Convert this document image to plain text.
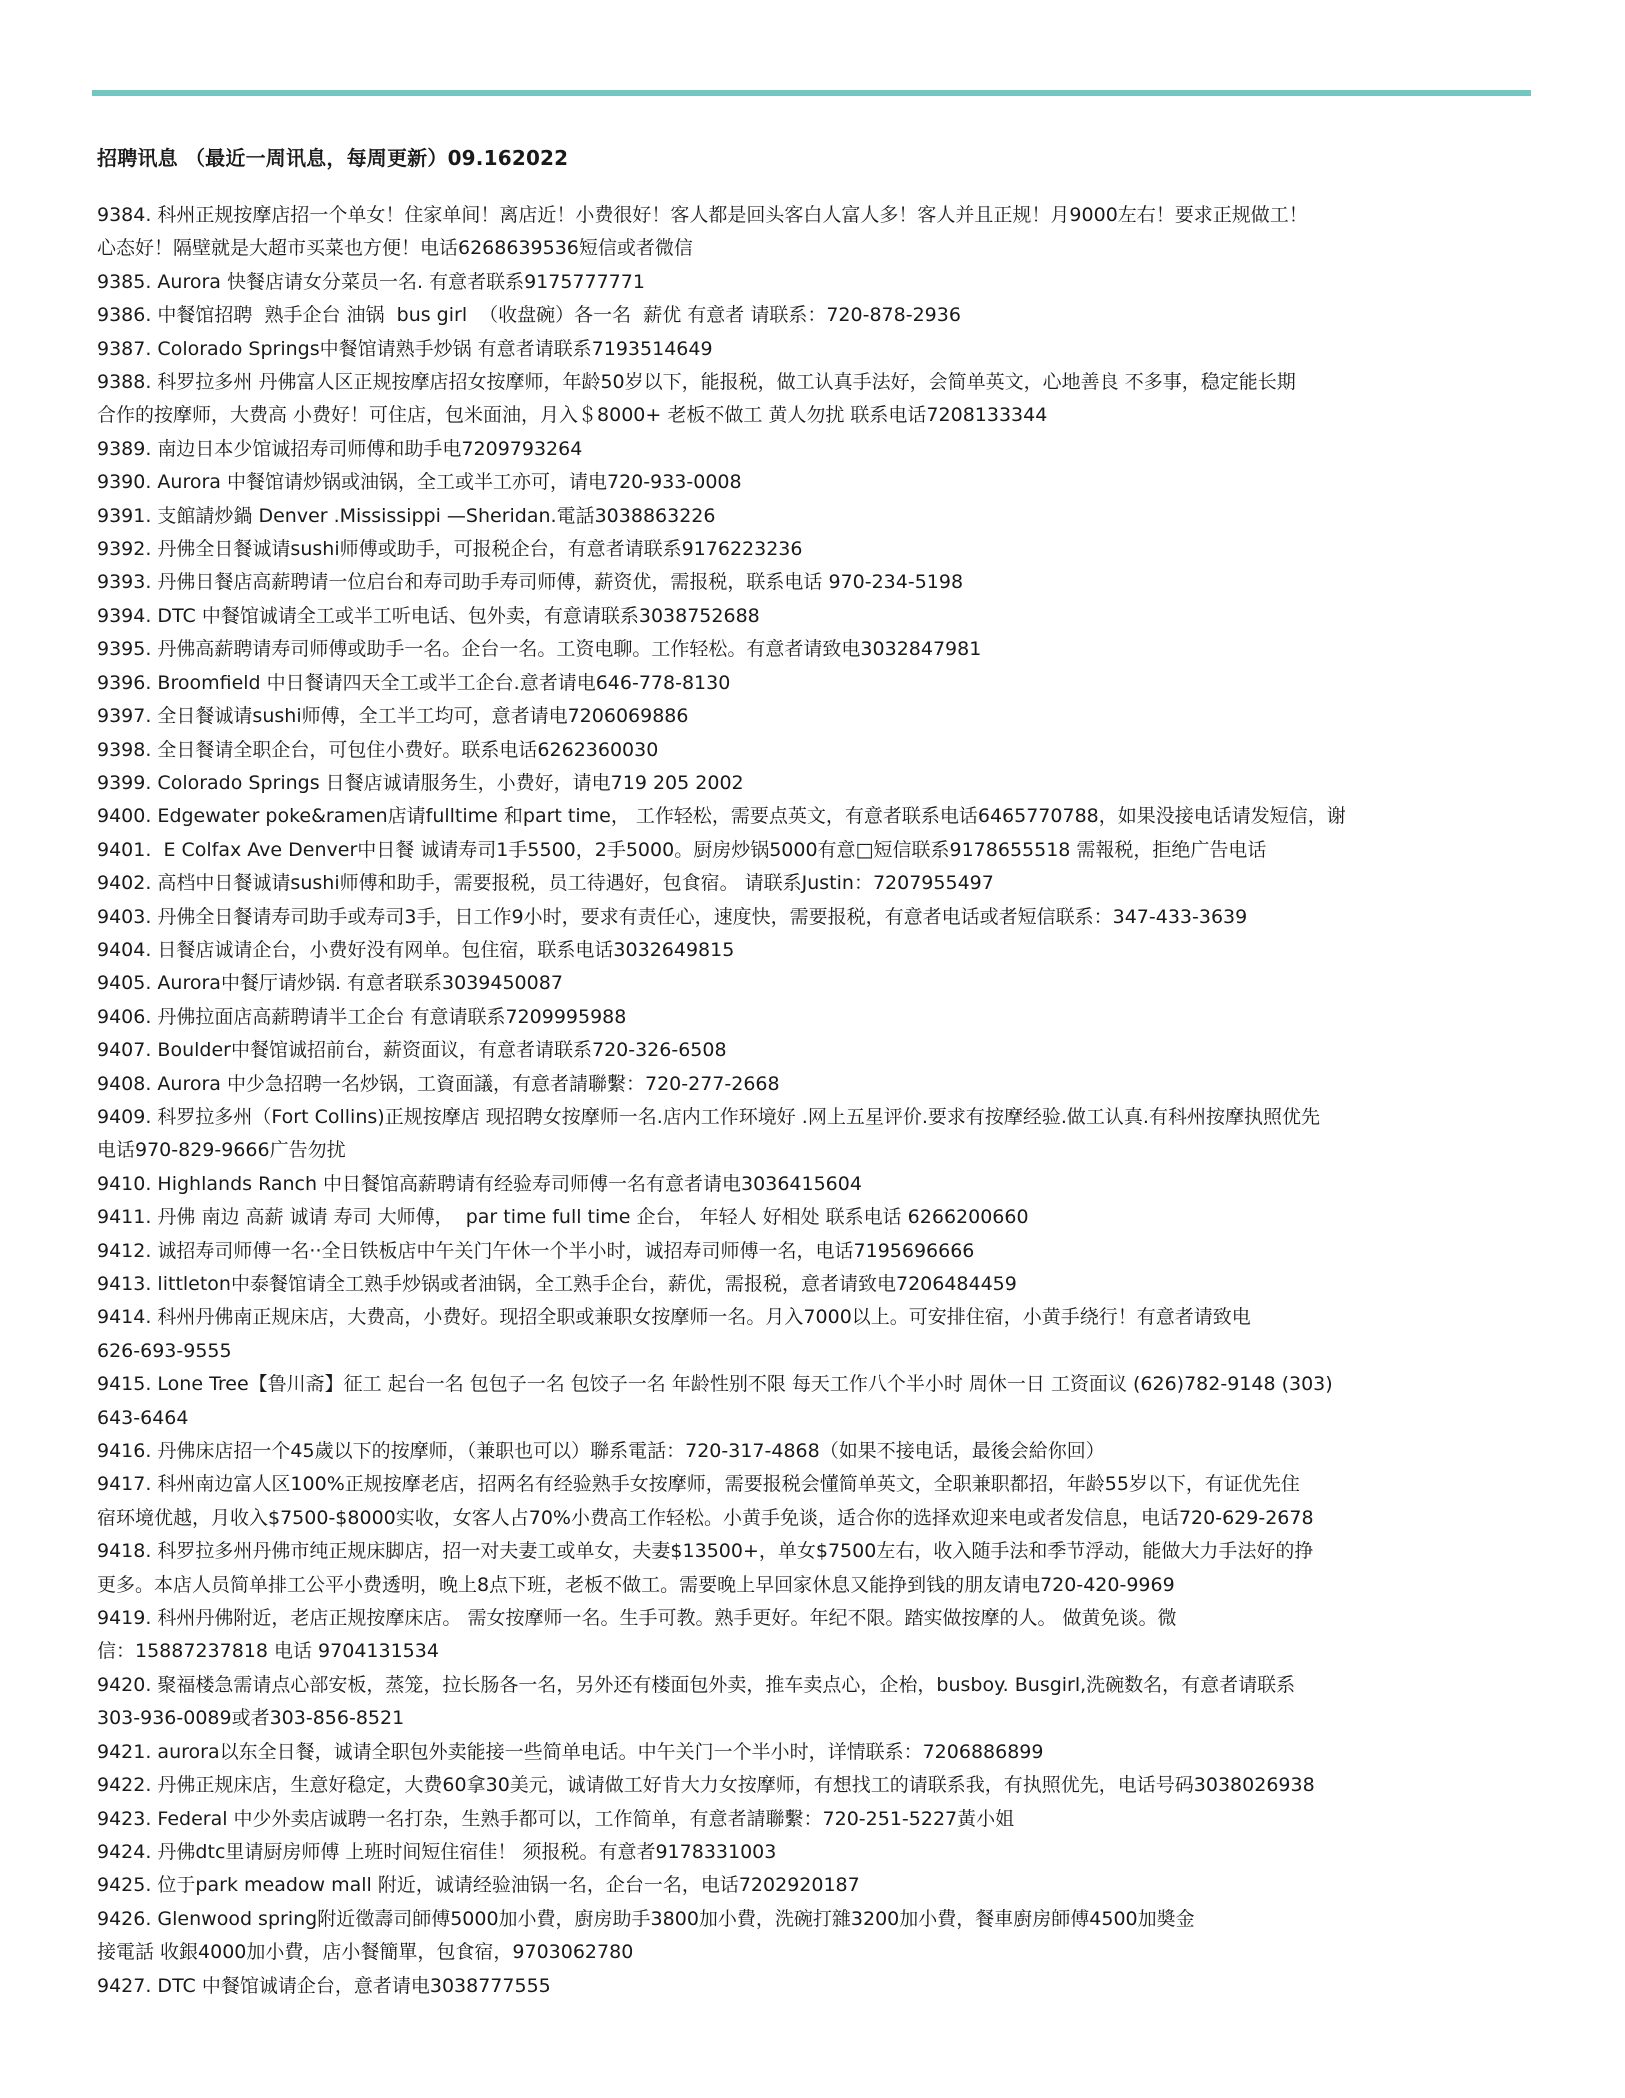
招聘讯息 （最近一周讯息，每周更新）09.162022
9384. 科州正规按摩店招一个单女！住家单间！离店近！小费很好！客人都是回头客白人富人多！客人并且正规！月9000左右！要求正规做工！
心态好！隔壁就是大超市买菜也方便！电话6268639536短信或者微信
9385. Aurora 快餐店请女分菜员一名. 有意者联系9175777771
9386. 中餐馆招聘  熟手企台 油锅  bus girl  （收盘碗）各一名  薪优 有意者 请联系：720-878-2936
9387. Colorado Springs中餐馆请熟手炒锅 有意者请联系7193514649
9388. 科罗拉多州 丹佛富人区正规按摩店招女按摩师，年龄50岁以下，能报税，做工认真手法好，会简单英文，心地善良 不多事，稳定能长期
合作的按摩师，大费高 小费好！可住店，包米面油，月入＄8000+ 老板不做工 黄人勿扰 联系电话7208133344
9389. 南边日本少馆诚招寿司师傅和助手电7209793264
9390. Aurora 中餐馆请炒锅或油锅，全工或半工亦可，请电720-933-0008
9391. 支館請炒鍋 Denver .Mississippi —Sheridan.電話3038863226
9392. 丹佛全日餐诚请sushi师傅或助手，可报税企台，有意者请联系9176223236
9393. 丹佛日餐店高薪聘请一位启台和寿司助手寿司师傅，薪资优，需报税，联系电话 970-234-5198
9394. DTC 中餐馆诚请全工或半工听电话、包外卖，有意请联系3038752688
9395. 丹佛高薪聘请寿司师傅或助手一名。企台一名。工资电聊。工作轻松。有意者请致电3032847981
9396. Broomfield 中日餐请四天全工或半工企台.意者请电646-778-8130
9397. 全日餐诚请sushi师傅，全工半工均可，意者请电7206069886
9398. 全日餐请全职企台，可包住小费好。联系电话6262360030
9399. Colorado Springs 日餐店诚请服务生，小费好，请电719 205 2002
9400. Edgewater poke&ramen店请fulltime 和part time， 工作轻松，需要点英文，有意者联系电话6465770788，如果没接电话请发短信，谢
9401.  E Colfax Ave Denver中日餐 诚请寿司1手5500，2手5000。厨房炒锅5000有意□短信联系9178655518 需報税，拒绝广告电话
9402. 高档中日餐诚请sushi师傅和助手，需要报税，员工待遇好，包食宿。 请联系Justin：7207955497
9403. 丹佛全日餐请寿司助手或寿司3手，日工作9小时，要求有责任心，速度快，需要报税，有意者电话或者短信联系：347-433-3639
9404. 日餐店诚请企台，小费好没有网单。包住宿，联系电话3032649815
9405. Aurora中餐厅请炒锅. 有意者联系3039450087
9406. 丹佛拉面店高薪聘请半工企台 有意请联系7209995988
9407. Boulder中餐馆诚招前台，薪资面议，有意者请联系720-326-6508
9408. Aurora 中少急招聘一名炒锅，工資面議，有意者請聯繫：720-277-2668
9409. 科罗拉多州（Fort Collins)正规按摩店 现招聘女按摩师一名.店内工作环境好 .网上五星评价.要求有按摩经验.做工认真.有科州按摩执照优先
电话970-829-9666广告勿扰
9410. Highlands Ranch 中日餐馆高薪聘请有经验寿司师傅一名有意者请电3036415604
9411. 丹佛 南边 高薪 诚请 寿司 大师傅，  par time full time 企台， 年轻人 好相处 联系电话 6266200660
9412. 诚招寿司师傅一名··全日铁板店中午关门午休一个半小时，诚招寿司师傅一名，电话7195696666
9413. littleton中泰餐馆请全工熟手炒锅或者油锅，全工熟手企台，薪优，需报税，意者请致电7206484459
9414. 科州丹佛南正规床店，大费高，小费好。现招全职或兼职女按摩师一名。月入7000以上。可安排住宿，小黄手绕行！有意者请致电
626-693-9555
9415. Lone Tree【鲁川斋】征工 起台一名 包包子一名 包饺子一名 年龄性别不限 每天工作八个半小时 周休一日 工资面议 (626)782-9148 (303)
643-6464
9416. 丹佛床店招一个45歲以下的按摩师，（兼职也可以）聯系電話：720-317-4868（如果不接电话，最後会給你回）
9417. 科州南边富人区100%正规按摩老店，招两名有经验熟手女按摩师，需要报税会懂简单英文，全职兼职都招，年龄55岁以下，有证优先住
宿环境优越，月收入$7500-$8000实收，女客人占70%小费高工作轻松。小黄手免谈，适合你的选择欢迎来电或者发信息，电话720-629-2678
9418. 科罗拉多州丹佛市纯正规床脚店，招一对夫妻工或单女，夫妻$13500+，单女$7500左右，收入随手法和季节浮动，能做大力手法好的挣
更多。本店人员简单排工公平小费透明，晚上8点下班，老板不做工。需要晚上早回家休息又能挣到钱的朋友请电720-420-9969
9419. 科州丹佛附近，老店正规按摩床店。 需女按摩师一名。生手可教。熟手更好。年纪不限。踏实做按摩的人。 做黄免谈。微
信：15887237818 电话 9704131534
9420. 聚福楼急需请点心部安板，蒸笼，拉长肠各一名，另外还有楼面包外卖，推车卖点心，企枱，busboy. Busgirl,洗碗数名，有意者请联系
303-936-0089或者303-856-8521
9421. aurora以东全日餐，诚请全职包外卖能接一些简单电话。中午关门一个半小时，详情联系：7206886899
9422. 丹佛正规床店，生意好稳定，大费60拿30美元，诚请做工好肯大力女按摩师，有想找工的请联系我，有执照优先，电话号码3038026938
9423. Federal 中少外卖店诚聘一名打杂，生熟手都可以，工作简单，有意者請聯繫：720-251-5227黃小姐
9424. 丹佛dtc里请厨房师傅 上班时间短住宿佳！ 须报税。有意者9178331003
9425. 位于park meadow mall 附近，诚请经验油锅一名，企台一名，电话7202920187
9426. Glenwood spring附近徵壽司師傅5000加小費，廚房助手3800加小費，洗碗打雜3200加小費，餐車廚房師傅4500加奬金
接電話 收銀4000加小費，店小餐簡單，包食宿，9703062780
9427. DTC 中餐馆诚请企台，意者请电3038777555
